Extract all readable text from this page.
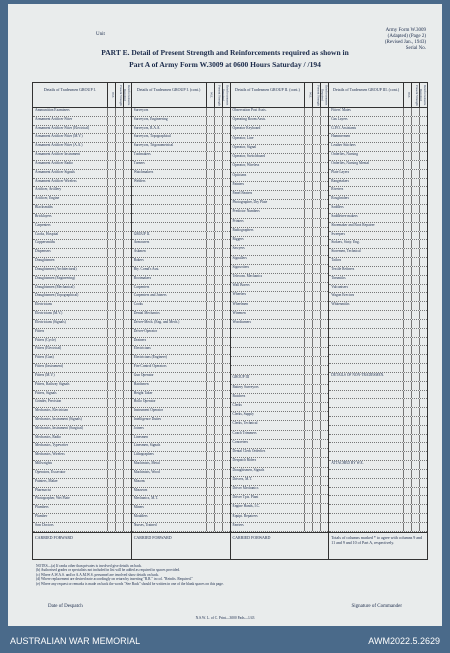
Unit
Army Form W.3009
(Adapted) (Page 2)
(Revised Jan., 1943)
Serial No.
PART E. Detail of Present Strength and Reinforcements required as shown in
Part A of Army Form W.3009 at 0600 Hours Saturday / /194
Details of Tradesmen GROUP I.
W.E.	Present Strength	Reinforcements Required
Ammunition Examiners
Armament Artificer Fitter
Armament Artificer Fitter (Electrical)
Armament Artificer Fitter (M.V.)
Armament Artificer Fitter (A.A.)
Armament Artificer Instrument
Armament Artificer Radio
Armament Artificer Signals
Armament Artificer Wireless
Artificer, Artillery
Artificer, Engine
Blacksmiths
Bricklayers
Carpenters
Cooks, Hospital
Coppersmiths
Dispensers
Draughtsmen
Draughtsmen (Architectural)
Draughtsmen (Engineering)
Draughtsmen (Mechanical)
Draughtsmen (Topographical)
Electricians
Electricians (M.V.)
Electricians (Signals)
Fitters
Fitters (Cycle)
Fitters (Electrical)
Fitters (Gun)
Fitters (Instrument)
Fitters (M.V.)
Fitters, Railway Signals
Fitters, Signals
Grinder, Precision
Mechanics, Electrician
Mechanics, Instrument (Signals)
Mechanics, Instrument (Surgical)
Mechanics, Radio
Mechanics, Typewriter
Mechanics, Wireless
Millwrights
Operators, Excavator
Painters, Maker
Pharmacist
Photographer, Wet Plate
Plumbers
Plumber
Saw Doctors
CARRIED FORWARD
Details of Tradesmen GROUP I. (cont.)
W.E.	Present Strength	Reinforcements Required
Surveyors
Surveyors, Engineering
Surveyors, R.A.A.
Surveyors, Topographical
Surveyors, Trigonometrical
Toolmakers
Turners
Watchmakers
Welders
GROUP II.
Armourers
Askmen
Bakers
Bty. Comd's Asst.
Bootmakers
Carpenters
Carpenters and Joiners
Cooks
Dental Mechanics
Driver-Mech. (Eng. and Mech.)
Driver-Operator
Drainers
Electricians
Electricians (Engineer)
Fire Control Operators
Gun Operator
Hatchmen
Height Taker
Hollo Operator
Instrument Operator
Intelligence Duties
Joiners
Linesmen
Linesmen, Signals
Lithographers
Machinists, Metal
Machinists, Wood
Masons
Masseurs
Mechanics, M.T.
Miners
Moulders
Nurses, Trained
CARRIED FORWARD
Details of Tradesmen GROUP II. (cont.)
W.E.	Present Strength	Reinforcements Required
Observation Post Assts.
Operating Room Assts.
Operator Keyboard
Operator, Line
Operator, Signal
Operator, Switchboard
Operator, Wireless
Opticians
Painters
Panel Beaters
Photographer, Dry Plate
Predictor Numbers
Printers
Radiographers
Riggers
Sawyers
Signallers
Signwriters
Telecom. Mechanics
Wall Borers
Wheelers
Wheelmen
Wiremen
Woodturners
GROUP III
Battery Surveyors
Butchers
Clerks
Clerks, Supply
Clerks, Technical
Coach Trimmers
Concreters
Dental Clerk Orderlies
Despatch Riders
Draughtsmen, Signals
Drivers, M.T.
Driver Mechanics
Driver Tpts. Plant
Engine Hands, I.C.
Equipt. Repairers
Farriers
CARRIED FORWARD
Details of Tradesmen GROUP III. (cont.)
W.E.	Present Strength	Reinforcements Required
Fitters' Mates
Gas Layers
G.P.O. Assistants
Hammermen
Leather Stitchers
Orderlies, Nursing
Orderlies, Nursing Mental
Plate Layers
Rangetakers
Riveters
Roughriders
Saddlers
Saddletree makers
Shoemaker and Boot Repairer
Sweepers
Stokers, Stoty. Eng.
Storemen, Technical
Tailors
Textile Refiners
Tinsmiths
Vulcanisers
Wagon Erectors
Whitesmiths
DETAILS OF NON-TRADESMEN.
ATTACHED BY W.E.
Totals of columns marked * to agree with columns 9 and 11 and 9 and 10 of Part A, respectively.
NOTES—(a) If ranks other than privates is involved give details on back.
(b) Authorised grades or specialists not included in list will be added as required in spaces provided.
(c) Where A.W.A.S. and/or A.A.M.W.S. personnel are involved show details on back.
(d) Where replacement are desired note accordingly on return by inserting "R.R." in col. "Reinfts. Required."
(e) Where any request or remarks is made on back the words "See Back" should be written in one of the blank spaces on this page.
Date of Despatch	Signature of Commander
N.S.W. L. of C. Print—3000 Pads—1/43
AUSTRALIAN WAR MEMORIAL	AWM2022.5.2629
